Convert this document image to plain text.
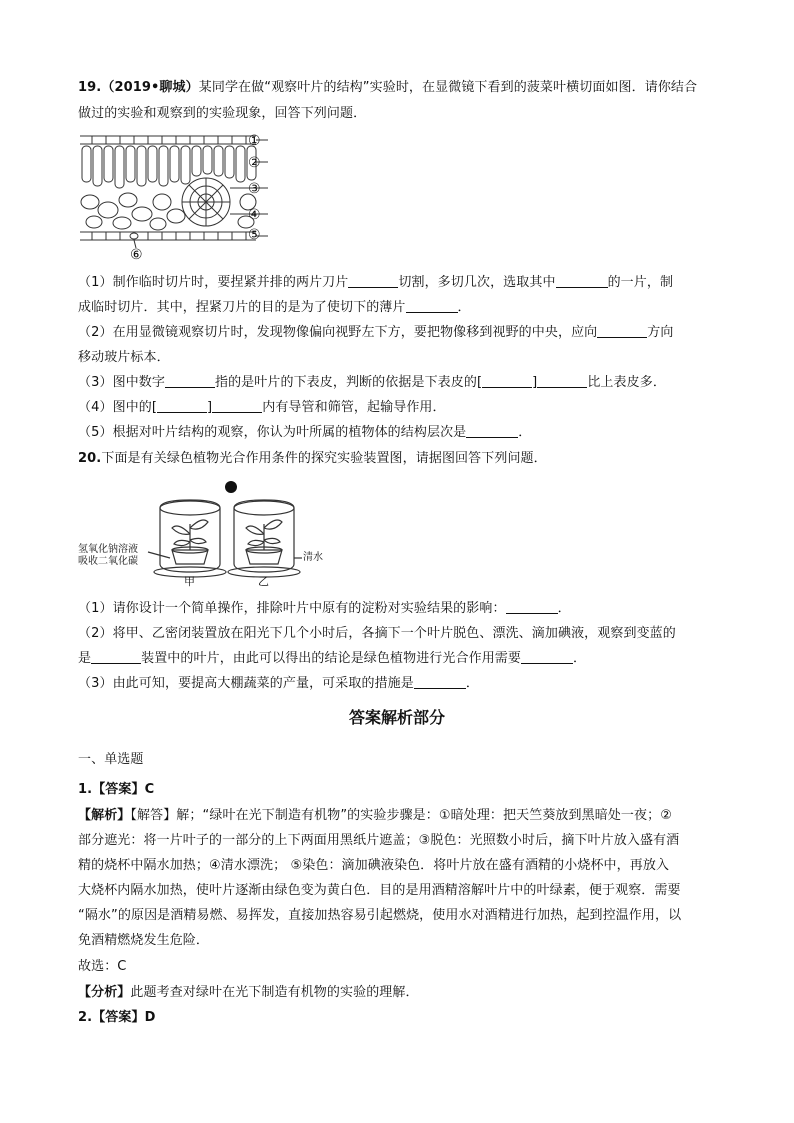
19.（2019•聊城）某同学在做“观察叶片的结构”实验时，在显微镜下看到的菠菜叶横切面如图．请你结合
做过的实验和观察到的实验现象，回答下列问题．
①
②
③
④
⑤
⑥
（1）制作临时切片时，要捏紧并排的两片刀片	切割，多切几次，选取其中	的一片，制
成临时切片．其中，捏紧刀片的目的是为了使切下的薄片	．
（2）在用显微镜观察切片时，发现物像偏向视野左下方，要把物像移到视野的中央，应向	方向
移动玻片标本．
（3）图中数字	指的是叶片的下表皮，判断的依据是下表皮的[	]	比上表皮多．
（4）图中的[	]	内有导管和筛管，起输导作用．
（5）根据对叶片结构的观察，你认为叶所属的植物体的结构层次是	．
20.下面是有关绿色植物光合作用条件的探究实验装置图，请据图回答下列问题．
氢氧化钠溶液
吸收二氧化碳	清水
甲	乙
（1）请你设计一个简单操作，排除叶片中原有的淀粉对实验结果的影响：	．
（2）将甲、乙密闭装置放在阳光下几个小时后，各摘下一个叶片脱色、漂洗、滴加碘液，观察到变蓝的
是	装置中的叶片，由此可以得出的结论是绿色植物进行光合作用需要	．
（3）由此可知，要提高大棚蔬菜的产量，可采取的措施是	．
答案解析部分
一、单选题
1.【答案】C
【解析】【解答】解；“绿叶在光下制造有机物”的实验步骤是：①暗处理：把天竺葵放到黑暗处一夜；②
部分遮光：将一片叶子的一部分的上下两面用黑纸片遮盖；③脱色：光照数小时后，摘下叶片放入盛有酒
精的烧杯中隔水加热；④清水漂洗； ⑤染色：滴加碘液染色．将叶片放在盛有酒精的小烧杯中，再放入
大烧杯内隔水加热，使叶片逐渐由绿色变为黄白色．目的是用酒精溶解叶片中的叶绿素，便于观察．需要
“隔水”的原因是酒精易燃、易挥发，直接加热容易引起燃烧，使用水对酒精进行加热，起到控温作用，以
免酒精燃烧发生危险．
故选：C
【分析】此题考查对绿叶在光下制造有机物的实验的理解．
2.【答案】D
